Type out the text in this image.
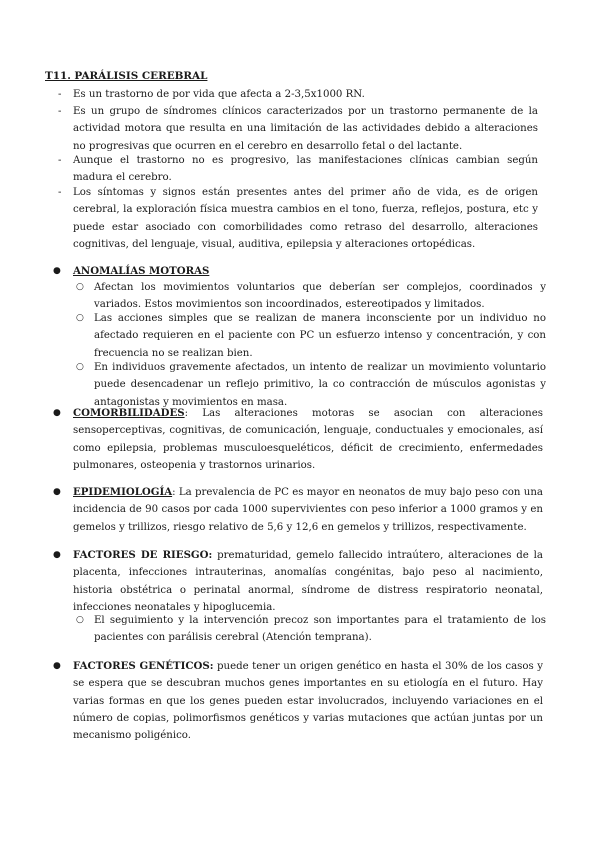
T11. PARÁLISIS CEREBRAL
- Es un trastorno de por vida que afecta a 2-3,5x1000 RN.
- Es un grupo de síndromes clínicos caracterizados por un trastorno permanente de la actividad motora que resulta en una limitación de las actividades debido a alteraciones no progresivas que ocurren en el cerebro en desarrollo fetal o del lactante.
- Aunque el trastorno no es progresivo, las manifestaciones clínicas cambian según madura el cerebro.
- Los síntomas y signos están presentes antes del primer año de vida, es de origen cerebral, la exploración física muestra cambios en el tono, fuerza, reflejos, postura, etc y puede estar asociado con comorbilidades como retraso del desarrollo, alteraciones cognitivas, del lenguaje, visual, auditiva, epilepsia y alteraciones ortopédicas.
● ANOMALÍAS MOTORAS
○ Afectan los movimientos voluntarios que deberían ser complejos, coordinados y variados. Estos movimientos son incoordinados, estereotipados y limitados.
○ Las acciones simples que se realizan de manera inconsciente por un individuo no afectado requieren en el paciente con PC un esfuerzo intenso y concentración, y con frecuencia no se realizan bien.
○ En individuos gravemente afectados, un intento de realizar un movimiento voluntario puede desencadenar un reflejo primitivo, la co contracción de músculos agonistas y antagonistas y movimientos en masa.
● COMORBILIDADES: Las alteraciones motoras se asocian con alteraciones sensoperceptivas, cognitivas, de comunicación, lenguaje, conductuales y emocionales, así como epilepsia, problemas musculoesqueléticos, déficit de crecimiento, enfermedades pulmonares, osteopenia y trastornos urinarios.
● EPIDEMIOLOGÍA: La prevalencia de PC es mayor en neonatos de muy bajo peso con una incidencia de 90 casos por cada 1000 supervivientes con peso inferior a 1000 gramos y en gemelos y trillizos, riesgo relativo de 5,6 y 12,6 en gemelos y trillizos, respectivamente.
● FACTORES DE RIESGO: prematuridad, gemelo fallecido intraútero, alteraciones de la placenta, infecciones intrauterinas, anomalías congénitas, bajo peso al nacimiento, historia obstétrica o perinatal anormal, síndrome de distress respiratorio neonatal, infecciones neonatales y hipoglucemia.
○ El seguimiento y la intervención precoz son importantes para el tratamiento de los pacientes con parálisis cerebral (Atención temprana).
● FACTORES GENÉTICOS: puede tener un origen genético en hasta el 30% de los casos y se espera que se descubran muchos genes importantes en su etiología en el futuro. Hay varias formas en que los genes pueden estar involucrados, incluyendo variaciones en el número de copias, polimorfismos genéticos y varias mutaciones que actúan juntas por un mecanismo poligénico.
